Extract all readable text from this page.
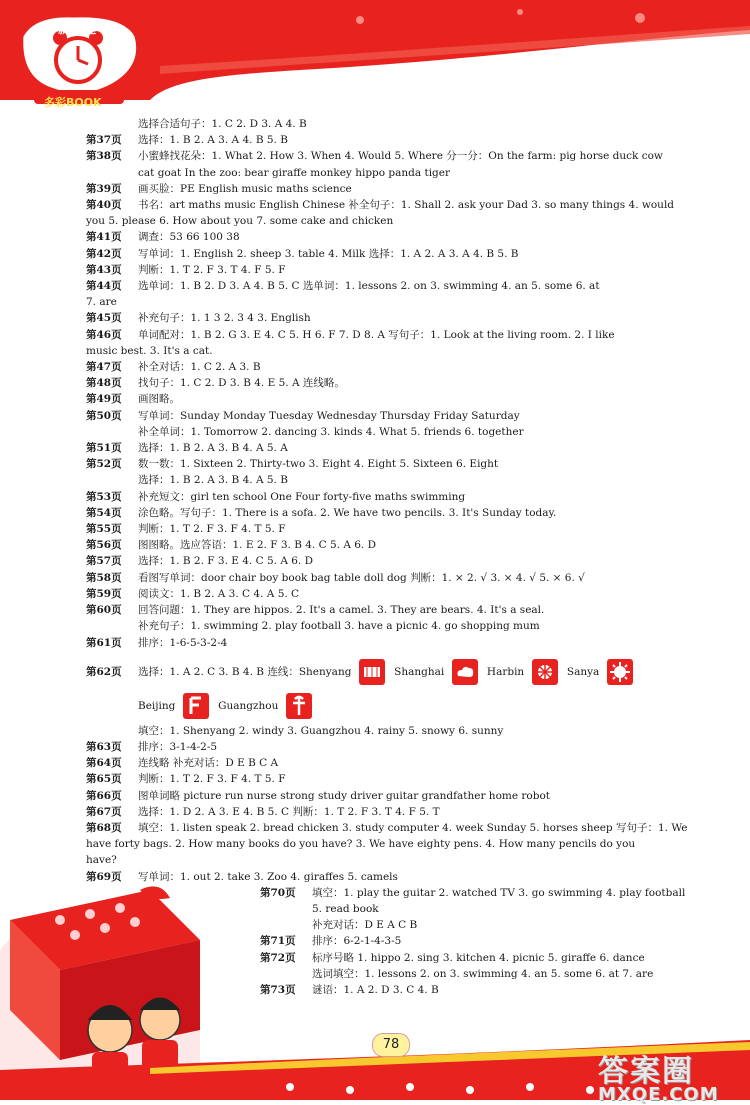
新课程
多彩BOOK
选择合适句子：1. C 2. D 3. A 4. B
第37页	选择：1. B 2. A 3. A 4. B 5. B
第38页	小蜜蜂找花朵：1. What 2. How 3. When 4. Would 5. Where 分一分：On the farm: pig horse duck cow
cat goat In the zoo: bear giraffe monkey hippo panda tiger
第39页	画买脸：PE English music maths science
第40页	书名：art maths music English Chinese 补全句子：1. Shall 2. ask your Dad 3. so many things 4. would
you 5. please 6. How about you 7. some cake and chicken
第41页	调查：53 66 100 38
第42页	写单词：1. English 2. sheep 3. table 4. Milk 选择：1. A 2. A 3. A 4. B 5. B
第43页	判断：1. T 2. F 3. T 4. F 5. F
第44页	选单词：1. B 2. D 3. A 4. B 5. C 选单词：1. lessons 2. on 3. swimming 4. an 5. some 6. at
7. are
第45页	补充句子：1. 1 3 2. 3 4 3. English
第46页	单词配对：1. B 2. G 3. E 4. C 5. H 6. F 7. D 8. A 写句子：1. Look at the living room. 2. I like
music best. 3. It's a cat.
第47页	补全对话：1. C 2. A 3. B
第48页	找句子：1. C 2. D 3. B 4. E 5. A 连线略。
第49页	画图略。
第50页	写单词：Sunday Monday Tuesday Wednesday Thursday Friday Saturday
补全单词：1. Tomorrow 2. dancing 3. kinds 4. What 5. friends 6. together
第51页	选择：1. B 2. A 3. B 4. A 5. A
第52页	数一数：1. Sixteen 2. Thirty-two 3. Eight 4. Eight 5. Sixteen 6. Eight
选择：1. B 2. A 3. B 4. A 5. B
第53页	补充短文：girl ten school One Four forty-five maths swimming
第54页	涂色略。写句子：1. There is a sofa. 2. We have two pencils. 3. It's Sunday today.
第55页	判断：1. T 2. F 3. F 4. T 5. F
第56页	图图略。选应答语：1. E 2. F 3. B 4. C 5. A 6. D
第57页	选择：1. B 2. F 3. E 4. C 5. A 6. D
第58页	看图写单词：door chair boy book bag table doll dog 判断：1. × 2. √ 3. × 4. √ 5. × 6. √
第59页	阅读文：1. B 2. A 3. C 4. A 5. C
第60页	回答问题：1. They are hippos. 2. It's a camel. 3. They are bears. 4. It's a seal.
补充句子：1. swimming 2. play football 3. have a picnic 4. go shopping mum
第61页	排序：1-6-5-3-2-4
第62页	选择：1. A 2. C 3. B 4. B 连线：Shenyang	Shanghai	Harbin	Sanya
Beijing	Guangzhou
填空：1. Shenyang 2. windy 3. Guangzhou 4. rainy 5. snowy 6. sunny
第63页	排序：3-1-4-2-5
第64页	连线略 补充对话：D E B C A
第65页	判断：1. T 2. F 3. F 4. T 5. F
第66页	图单词略 picture run nurse strong study driver guitar grandfather home robot
第67页	选择：1. D 2. A 3. E 4. B 5. C 判断：1. T 2. F 3. T 4. F 5. T
第68页	填空：1. listen speak 2. bread chicken 3. study computer 4. week Sunday 5. horses sheep 写句子：1. We
have forty bags. 2. How many books do you have? 3. We have eighty pens. 4. How many pencils do you
have?
第69页	写单词：1. out 2. take 3. Zoo 4. giraffes 5. camels
第70页	填空：1. play the guitar 2. watched TV 3. go swimming 4. play football
5. read book
补充对话：D E A C B
第71页	排序：6-2-1-4-3-5
第72页	标序号略 1. hippo 2. sing 3. kitchen 4. picnic 5. giraffe 6. dance
选词填空：1. lessons 2. on 3. swimming 4. an 5. some 6. at 7. are
第73页	谜语：1. A 2. D 3. C 4. B
78
答案圈
MXQE.COM
